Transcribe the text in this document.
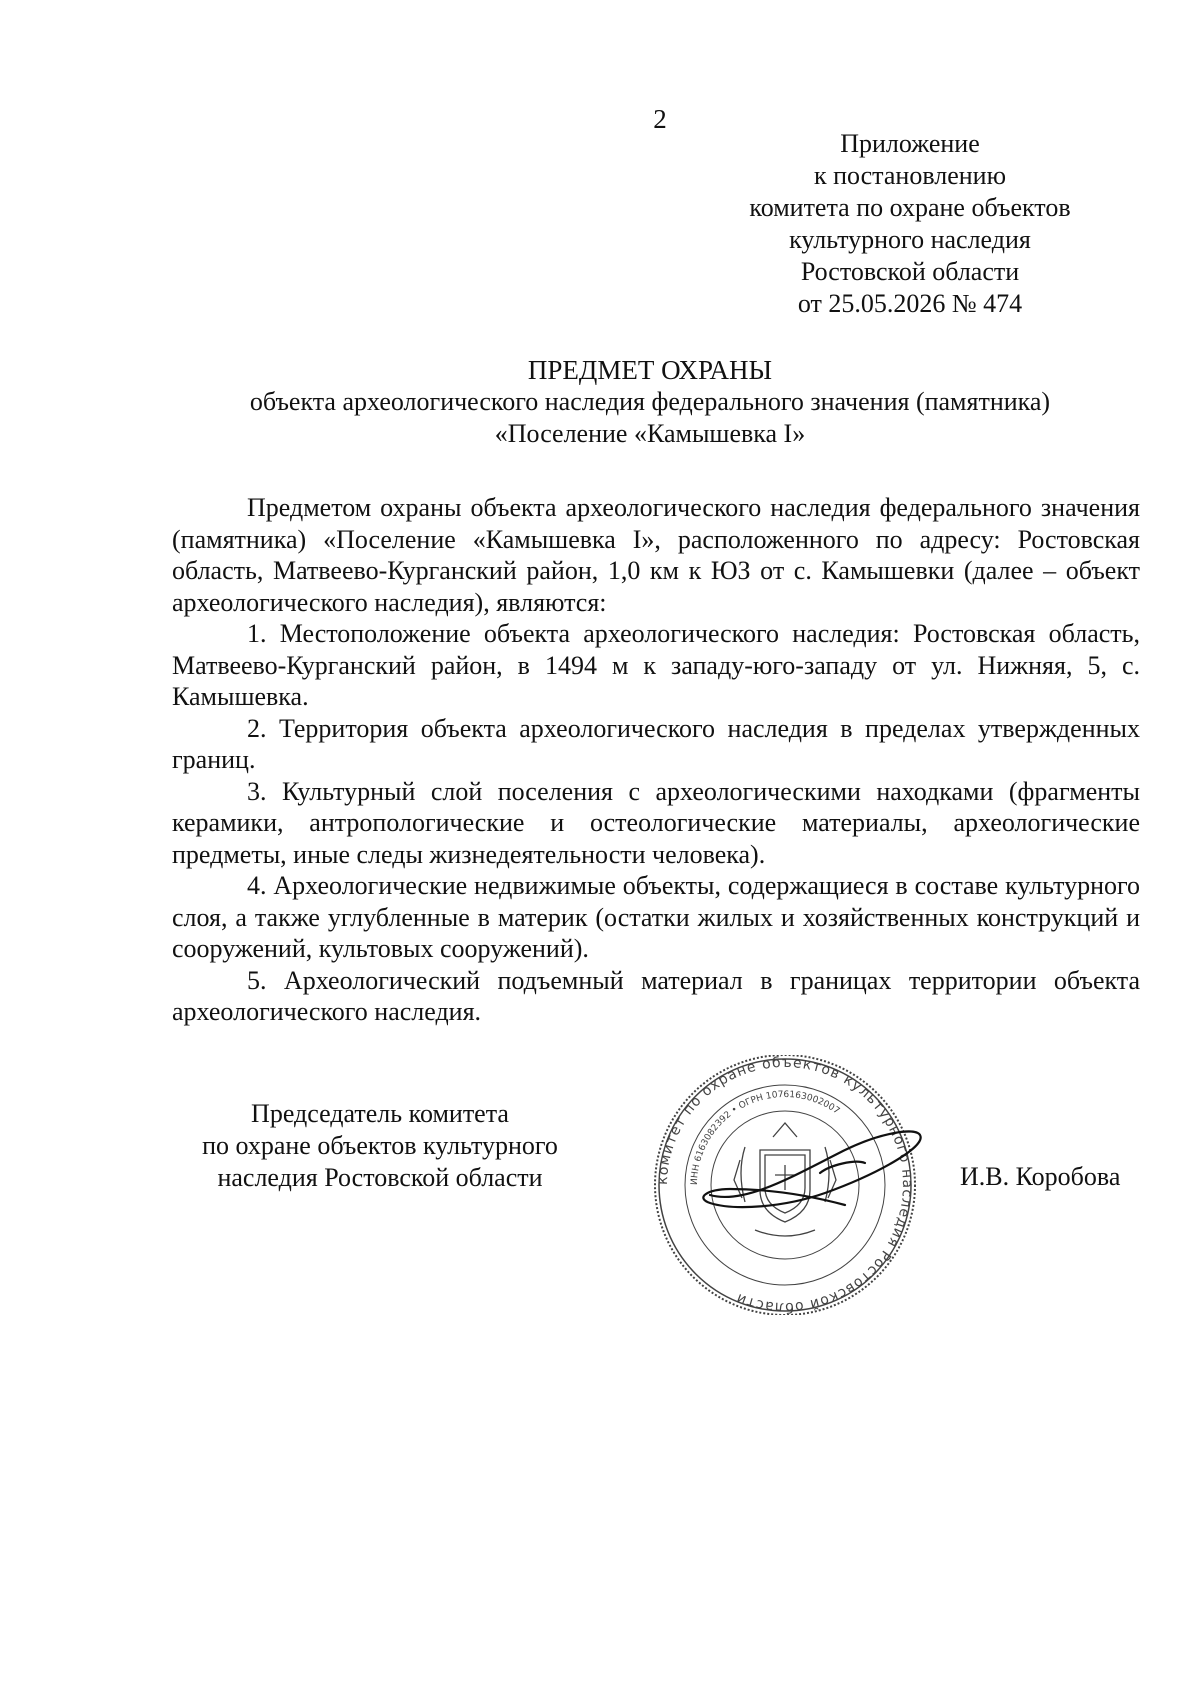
2
Приложение
к постановлению
комитета по охране объектов
культурного наследия
Ростовской области
от 25.05.2026 № 474
ПРЕДМЕТ ОХРАНЫ
объекта археологического наследия федерального значения (памятника)
«Поселение «Камышевка I»

Предметом охраны объекта археологического наследия федерального значения (памятника) «Поселение «Камышевка I», расположенного по адресу: Ростовская область, Матвеево-Курганский район, 1,0 км к ЮЗ от с. Камышевки (далее – объект археологического наследия), являются:

1. Местоположение объекта археологического наследия: Ростовская область, Матвеево-Курганский район, в 1494 м к западу-юго-западу от ул. Нижняя, 5, с. Камышевка.

2. Территория объекта археологического наследия в пределах утвержденных границ.

3. Культурный слой поселения с археологическими находками (фрагменты керамики, антропологические и остеологические материалы, археологические предметы, иные следы жизнедеятельности человека).

4. Археологические недвижимые объекты, содержащиеся в составе культурного слоя, а также углубленные в материк (остатки жилых и хозяйственных конструкций и сооружений, культовых сооружений).

5. Археологический подъемный материал в границах территории объекта археологического наследия.

Председатель комитета
по охране объектов культурного
наследия Ростовской области	комитет по охране объектов культурного наследия Ростовской области
ИНН 6163082392 • ОГРН 1076163002007
И.В. Коробова
